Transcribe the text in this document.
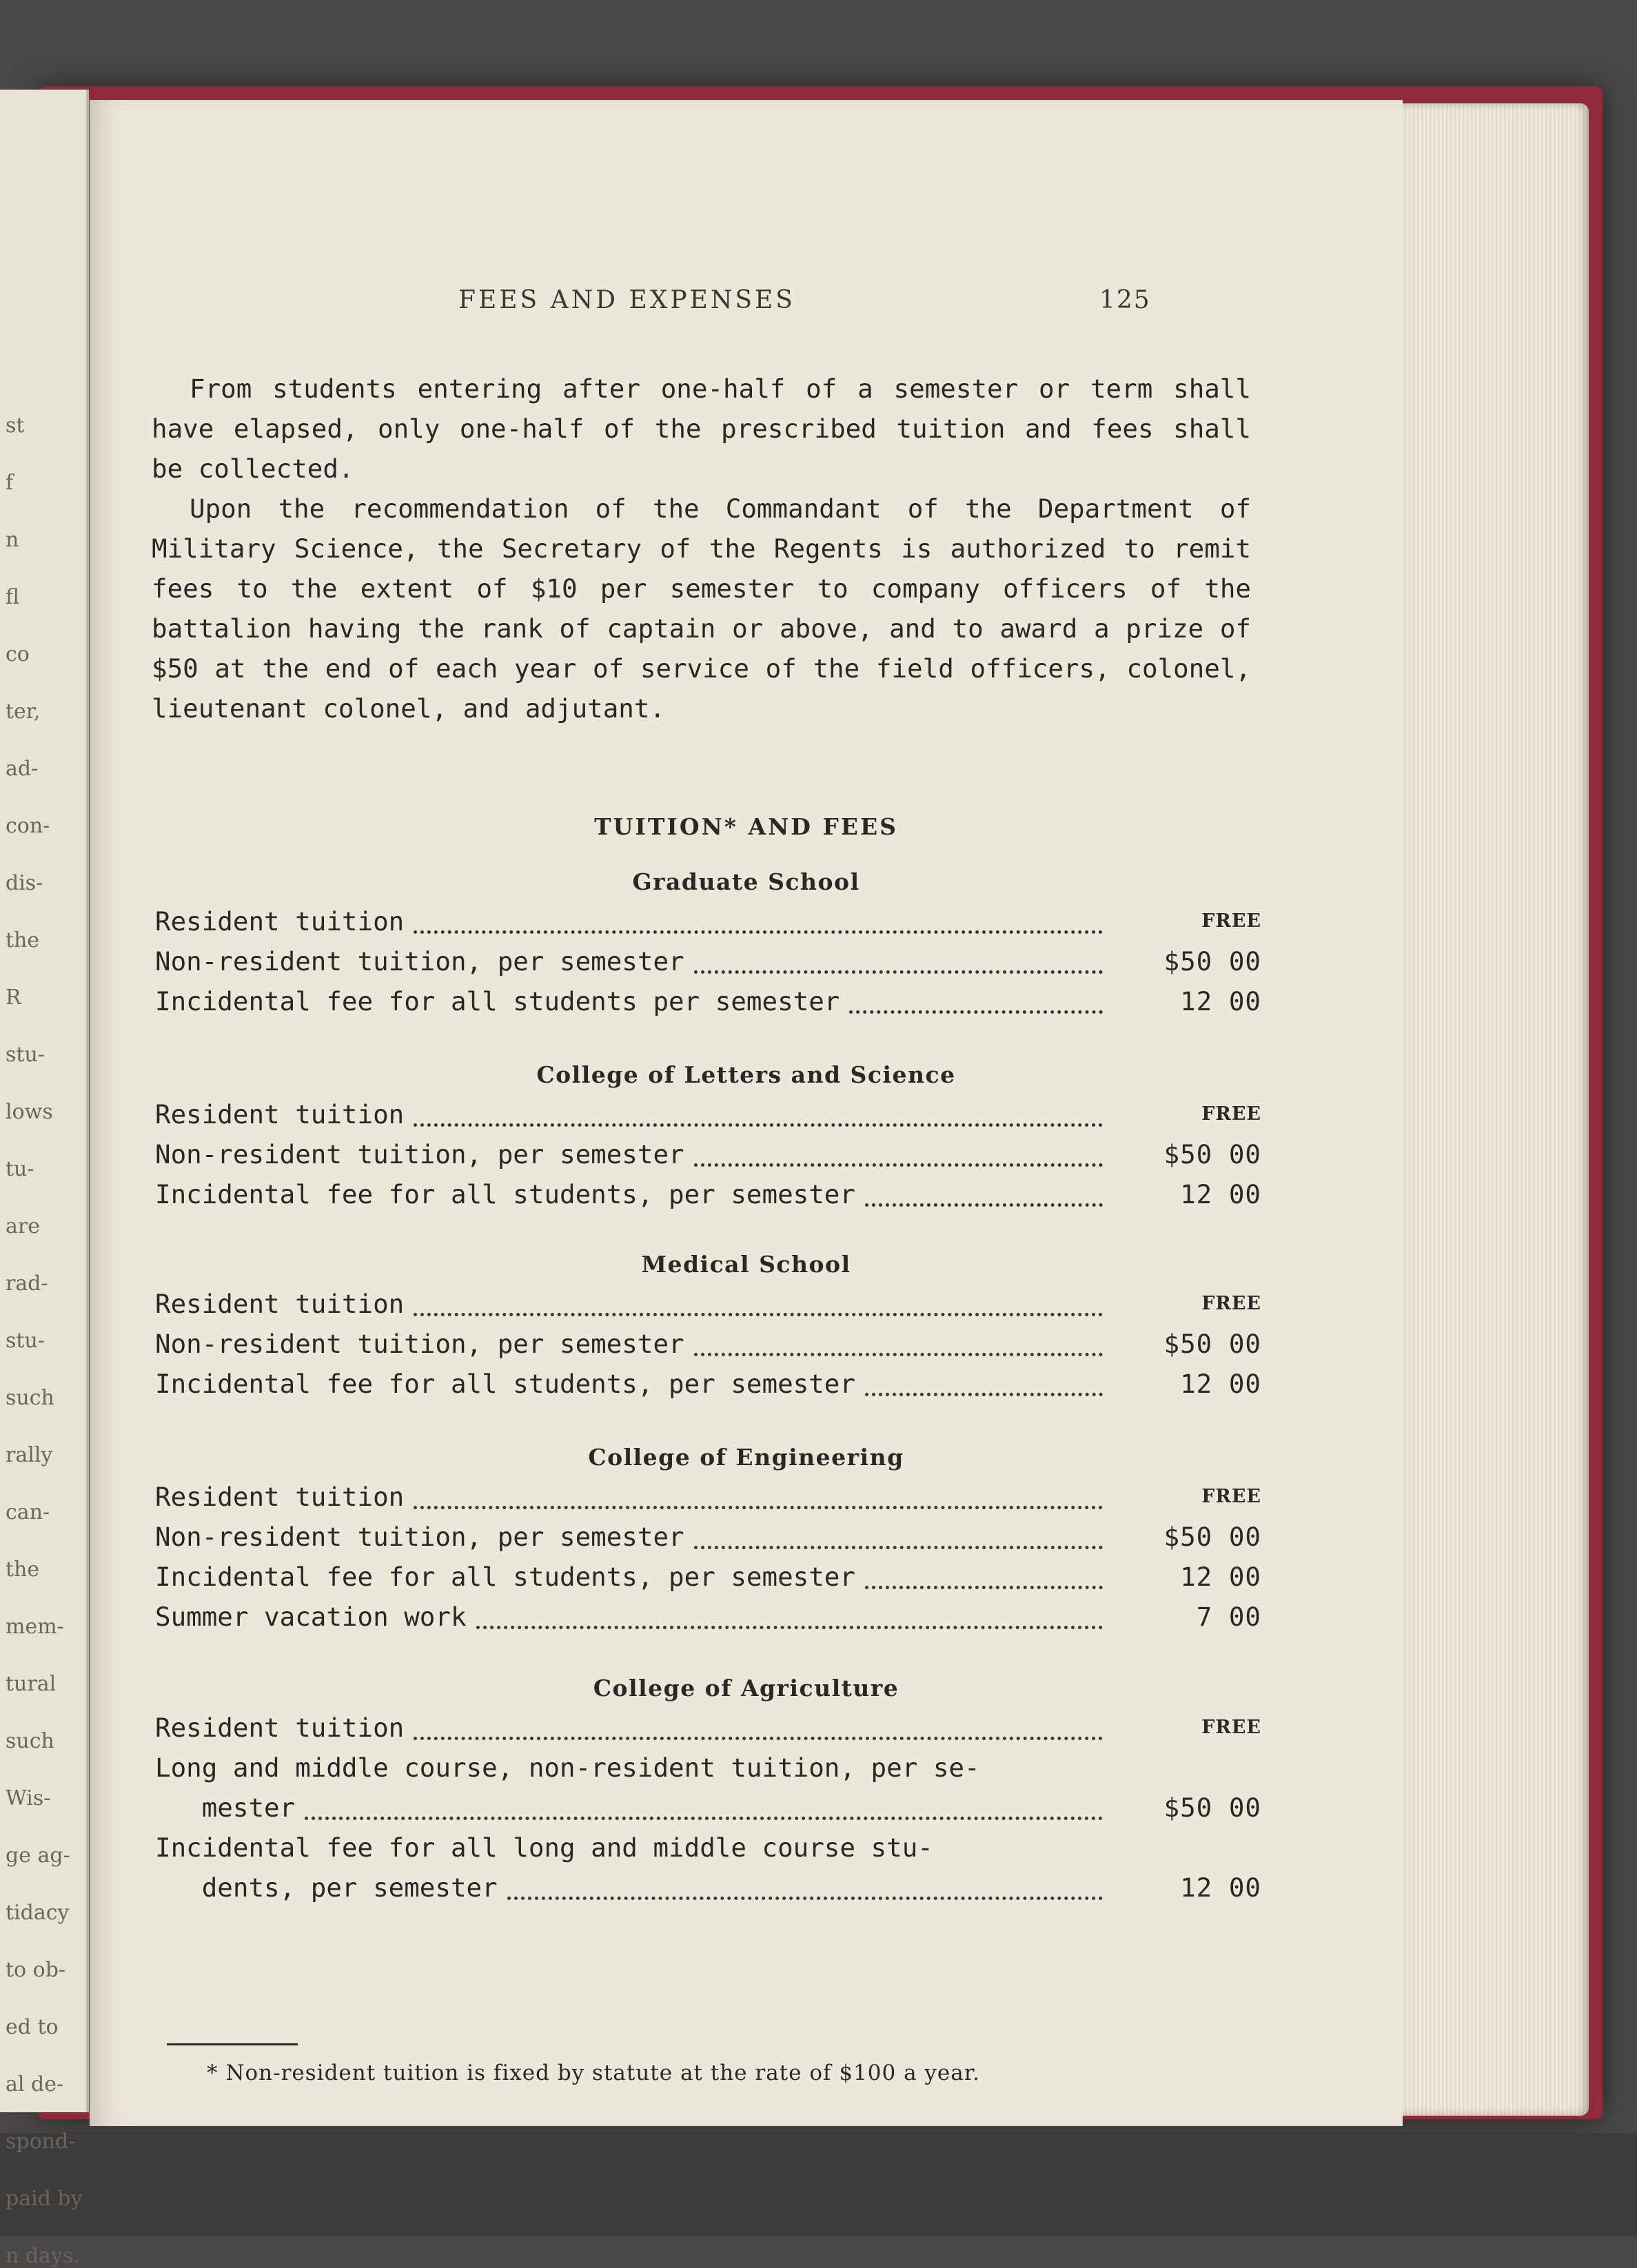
st
f
n
fl
co
ter,
ad-
con-
dis-
the
R
stu-
lows
tu-
are
rad-
stu-
such
rally
can-
the
mem-
tural
such
Wis-
ge ag-
tidacy
to ob-
ed to
al de-
spond-
paid by
n days.
FEES AND EXPENSES	125

From students entering after one-half of a semester or term shall have elapsed, only one-half of the prescribed tuition and fees shall be collected.

Upon the recommendation of the Commandant of the Department of Military Science, the Secretary of the Regents is authorized to remit fees to the extent of $10 per semester to company officers of the battalion having the rank of captain or above, and to award a prize of $50 at the end of each year of service of the field officers, colonel, lieutenant colonel, and adjutant.

TUITION* AND FEES
Graduate School
Resident tuition	FREE
Non-resident tuition, per semester	$50 00
Incidental fee for all students per semester	12 00
College of Letters and Science
Resident tuition	FREE
Non-resident tuition, per semester	$50 00
Incidental fee for all students, per semester	12 00
Medical School
Resident tuition	FREE
Non-resident tuition, per semester	$50 00
Incidental fee for all students, per semester	12 00
College of Engineering
Resident tuition	FREE
Non-resident tuition, per semester	$50 00
Incidental fee for all students, per semester	12 00
Summer vacation work	7 00
College of Agriculture
Resident tuition	FREE
Long and middle course, non-resident tuition, per se-
mester	$50 00
Incidental fee for all long and middle course stu-
dents, per semester	12 00
* Non-resident tuition is fixed by statute at the rate of $100 a year.
